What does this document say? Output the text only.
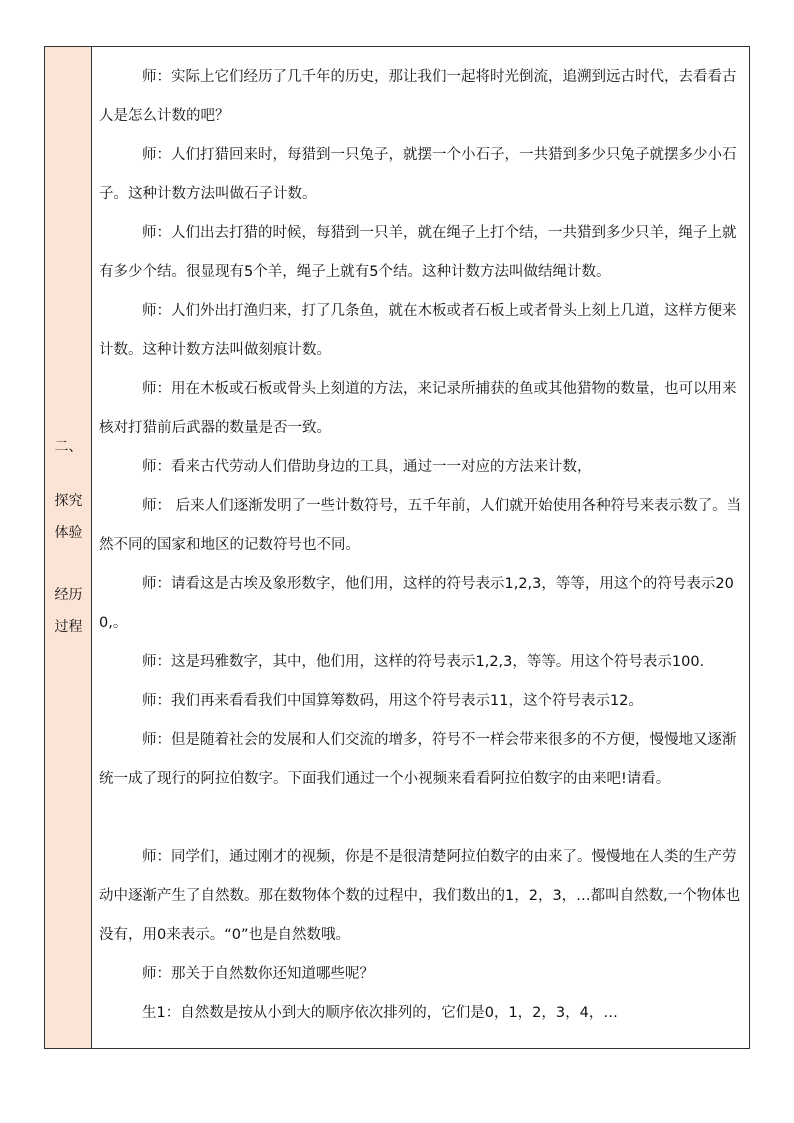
二、
探究
体验
经历
过程

师：实际上它们经历了几千年的历史，那让我们一起将时光倒流，追溯到远古时代，去看看古人是怎么计数的吧？

师：人们打猎回来时，每猎到一只兔子，就摆一个小石子，一共猎到多少只兔子就摆多少小石子。这种计数方法叫做石子计数。

师：人们出去打猎的时候，每猎到一只羊，就在绳子上打个结，一共猎到多少只羊，绳子上就有多少个结。很显现有5个羊，绳子上就有5个结。这种计数方法叫做结绳计数。

师：人们外出打渔归来，打了几条鱼，就在木板或者石板上或者骨头上刻上几道，这样方便来计数。这种计数方法叫做刻痕计数。

师：用在木板或石板或骨头上刻道的方法，来记录所捕获的鱼或其他猎物的数量，也可以用来核对打猎前后武器的数量是否一致。

师：看来古代劳动人们借助身边的工具，通过一一对应的方法来计数，

师： 后来人们逐渐发明了一些计数符号，五千年前，人们就开始使用各种符号来表示数了。当然不同的国家和地区的记数符号也不同。

师：请看这是古埃及象形数字，他们用，这样的符号表示1,2,3，等等，用这个的符号表示200,。

师：这是玛雅数字，其中，他们用，这样的符号表示1,2,3，等等。用这个符号表示100.

师：我们再来看看我们中国算筹数码，用这个符号表示11，这个符号表示12。

师：但是随着社会的发展和人们交流的增多，符号不一样会带来很多的不方便，慢慢地又逐渐统一成了现行的阿拉伯数字。下面我们通过一个小视频来看看阿拉伯数字的由来吧!请看。

师：同学们，通过刚才的视频，你是不是很清楚阿拉伯数字的由来了。慢慢地在人类的生产劳动中逐渐产生了自然数。那在数物体个数的过程中，我们数出的1，2，3，…都叫自然数,一个物体也没有，用0来表示。“0”也是自然数哦。

师：那关于自然数你还知道哪些呢？

生1：自然数是按从小到大的顺序依次排列的，它们是0，1，2，3，4，…
